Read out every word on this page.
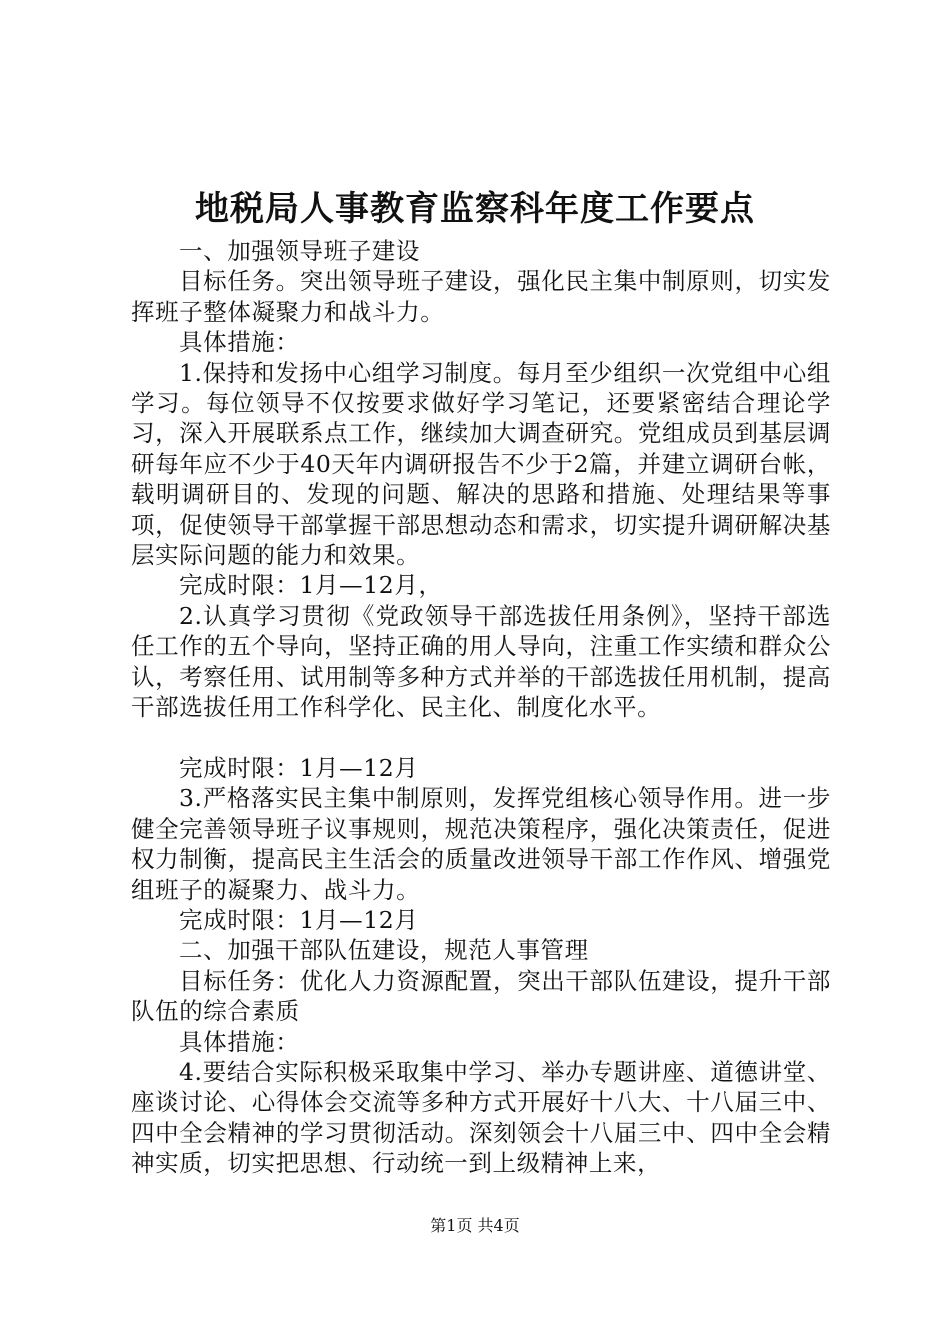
地税局人事教育监察科年度工作要点

一、加强领导班子建设

目标任务。突出领导班子建设，强化民主集中制原则，切实发挥班子整体凝聚力和战斗力。

具体措施：

1.保持和发扬中心组学习制度。每月至少组织一次党组中心组学习。每位领导不仅按要求做好学习笔记，还要紧密结合理论学习，深入开展联系点工作，继续加大调查研究。党组成员到基层调研每年应不少于40天年内调研报告不少于2篇，并建立调研台帐，载明调研目的、发现的问题、解决的思路和措施、处理结果等事项，促使领导干部掌握干部思想动态和需求，切实提升调研解决基层实际问题的能力和效果。

完成时限：1月—12月，

2.认真学习贯彻《党政领导干部选拔任用条例》，坚持干部选任工作的五个导向，坚持正确的用人导向，注重工作实绩和群众公认，考察任用、试用制等多种方式并举的干部选拔任用机制，提高干部选拔任用工作科学化、民主化、制度化水平。

完成时限：1月—12月

3.严格落实民主集中制原则，发挥党组核心领导作用。进一步健全完善领导班子议事规则，规范决策程序，强化决策责任，促进权力制衡，提高民主生活会的质量改进领导干部工作作风、增强党组班子的凝聚力、战斗力。

完成时限：1月—12月

二、加强干部队伍建设，规范人事管理

目标任务：优化人力资源配置，突出干部队伍建设，提升干部队伍的综合素质

具体措施：

4.要结合实际积极采取集中学习、举办专题讲座、道德讲堂、座谈讨论、心得体会交流等多种方式开展好十八大、十八届三中、四中全会精神的学习贯彻活动。深刻领会十八届三中、四中全会精神实质，切实把思想、行动统一到上级精神上来，

第1页 共4页
